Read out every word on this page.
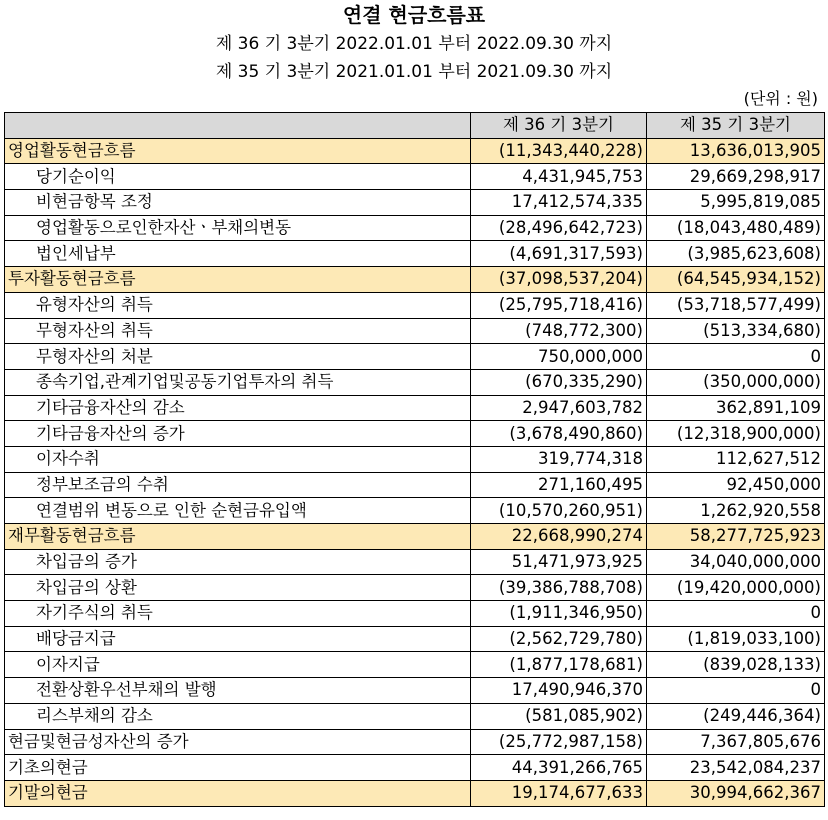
연결 현금흐름표
제 36 기 3분기 2022.01.01 부터 2022.09.30 까지
제 35 기 3분기 2021.01.01 부터 2021.09.30 까지
(단위 : 원)
	제 36 기 3분기	제 35 기 3분기
영업활동현금흐름	(11,343,440,228)	13,636,013,905
당기순이익	4,431,945,753	29,669,298,917
비현금항목 조정	17,412,574,335	5,995,819,085
영업활동으로인한자산ㆍ부채의변동	(28,496,642,723)	(18,043,480,489)
법인세납부	(4,691,317,593)	(3,985,623,608)
투자활동현금흐름	(37,098,537,204)	(64,545,934,152)
유형자산의 취득	(25,795,718,416)	(53,718,577,499)
무형자산의 취득	(748,772,300)	(513,334,680)
무형자산의 처분	750,000,000	0
종속기업,관계기업및공동기업투자의 취득	(670,335,290)	(350,000,000)
기타금융자산의 감소	2,947,603,782	362,891,109
기타금융자산의 증가	(3,678,490,860)	(12,318,900,000)
이자수취	319,774,318	112,627,512
정부보조금의 수취	271,160,495	92,450,000
연결범위 변동으로 인한 순현금유입액	(10,570,260,951)	1,262,920,558
재무활동현금흐름	22,668,990,274	58,277,725,923
차입금의 증가	51,471,973,925	34,040,000,000
차입금의 상환	(39,386,788,708)	(19,420,000,000)
자기주식의 취득	(1,911,346,950)	0
배당금지급	(2,562,729,780)	(1,819,033,100)
이자지급	(1,877,178,681)	(839,028,133)
전환상환우선부채의 발행	17,490,946,370	0
리스부채의 감소	(581,085,902)	(249,446,364)
현금및현금성자산의 증가	(25,772,987,158)	7,367,805,676
기초의현금	44,391,266,765	23,542,084,237
기말의현금	19,174,677,633	30,994,662,367
